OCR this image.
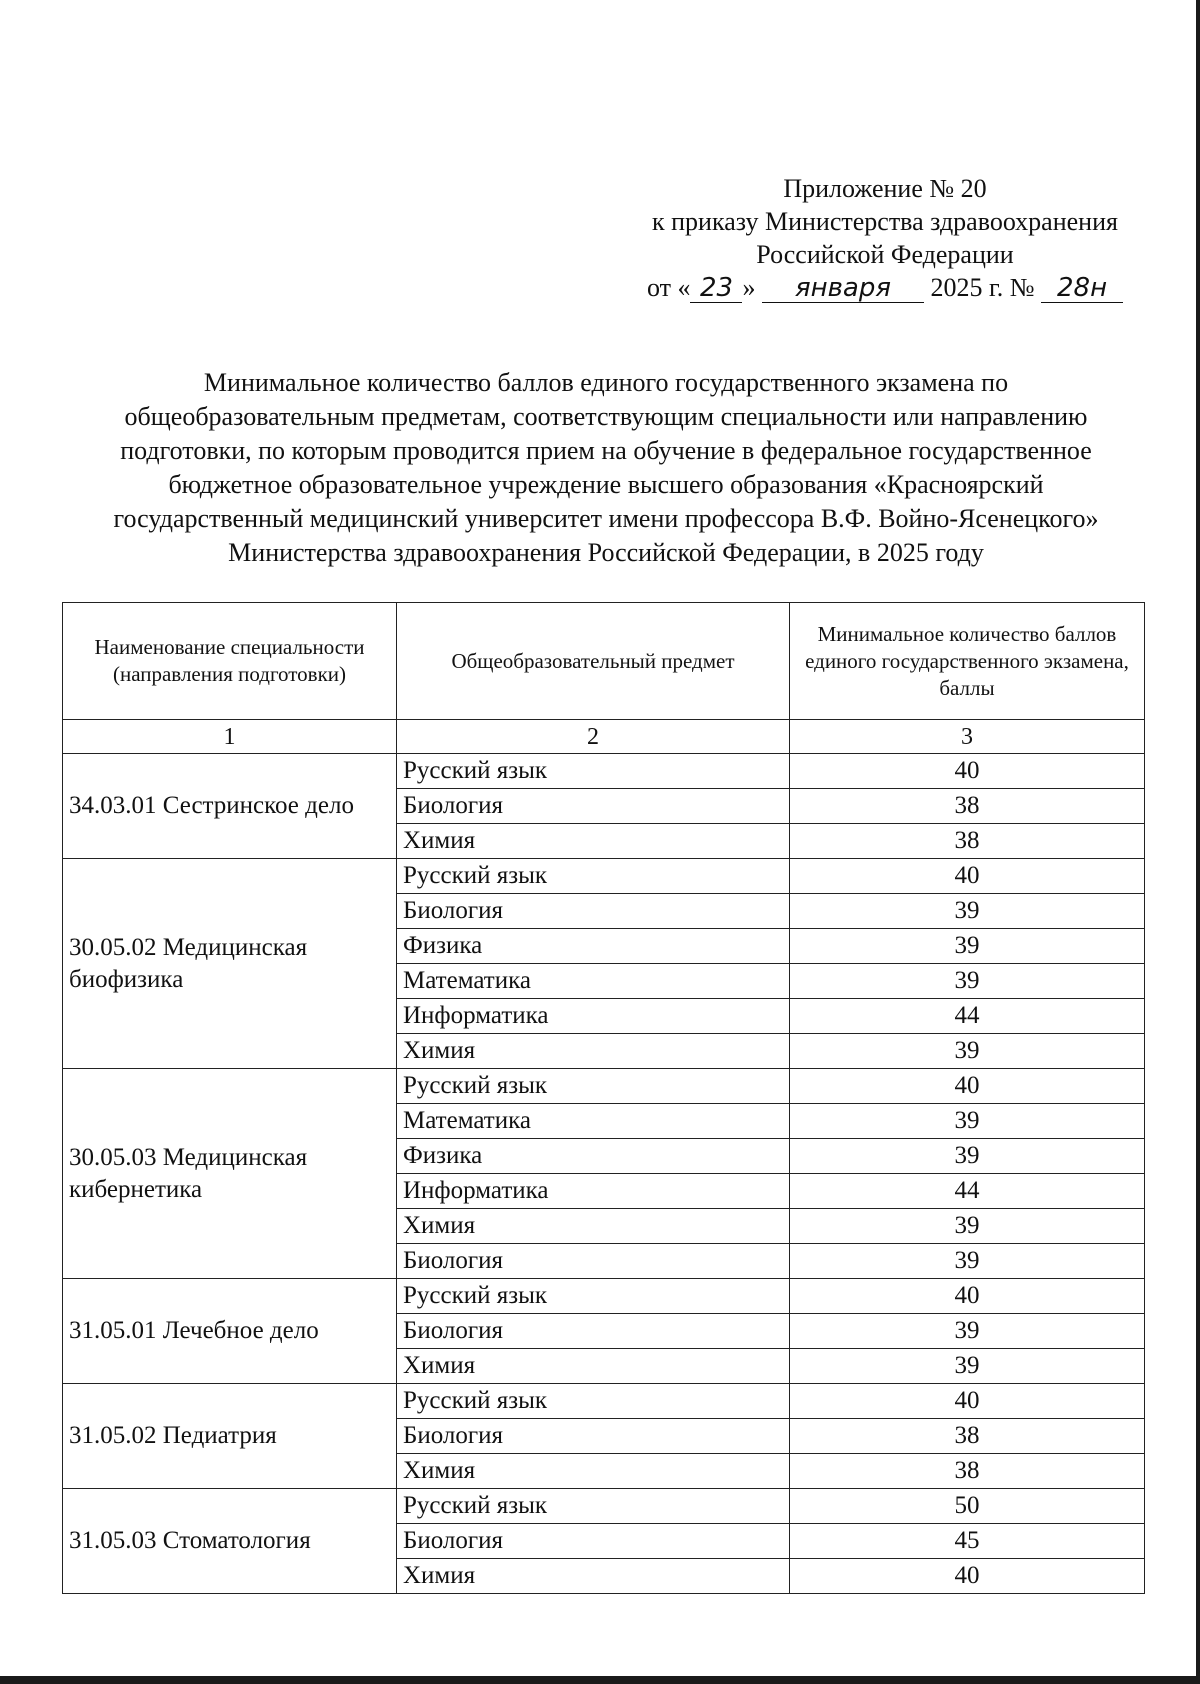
Приложение № 20
к приказу Министерства здравоохранения
Российской Федерации
от « 23 » января 2025 г. № 28н
Минимальное количество баллов единого государственного экзамена по
общеобразовательным предметам, соответствующим специальности или направлению
подготовки, по которым проводится прием на обучение в федеральное государственное
бюджетное образовательное учреждение высшего образования «Красноярский
государственный медицинский университет имени профессора В.Ф. Войно-Ясенецкого»
Министерства здравоохранения Российской Федерации, в 2025 году
Наименование специальности (направления подготовки)	Общеобразовательный предмет	Минимальное количество баллов единого государственного экзамена, баллы
1	2	3
34.03.01 Сестринское дело	Русский язык	40
	Биология	38
	Химия	38
30.05.02 Медицинская биофизика	Русский язык	40
	Биология	39
	Физика	39
	Математика	39
	Информатика	44
	Химия	39
30.05.03 Медицинская кибернетика	Русский язык	40
	Математика	39
	Физика	39
	Информатика	44
	Химия	39
	Биология	39
31.05.01 Лечебное дело	Русский язык	40
	Биология	39
	Химия	39
31.05.02 Педиатрия	Русский язык	40
	Биология	38
	Химия	38
31.05.03 Стоматология	Русский язык	50
	Биология	45
	Химия	40
